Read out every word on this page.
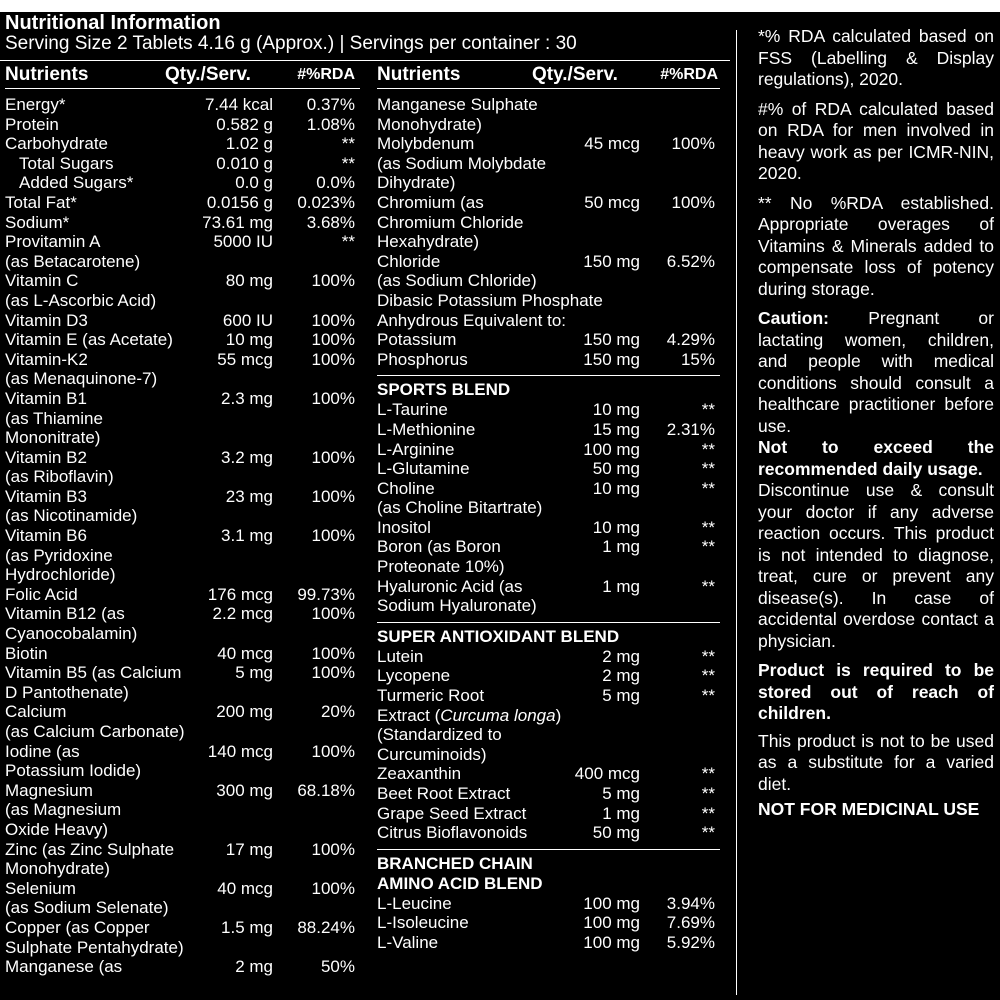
Nutritional Information
Serving Size 2 Tablets 4.16 g (Approx.) | Servings per container : 30
Nutrients	Qty./Serv.	#%RDA
Energy*	7.44 kcal 0.37%
Protein	0.582 g 1.08%
Carbohydrate	1.02 g	**
Total Sugars	0.010 g	**
Added Sugars*	0.0 g	0.0%
Total Fat*	0.0156 g 0.023%
Sodium*	73.61 mg 3.68%
Provitamin A
(as Betacarotene)
5000 IU	**
Vitamin C
(as L-Ascorbic Acid)
80 mg 100%
Vitamin D3	600 IU 100%
Vitamin E (as Acetate)	10 mg 100%
Vitamin-K2
(as Menaquinone-7)
55 mcg 100%
Vitamin B1
(as Thiamine
Mononitrate)
2.3 mg 100%
Vitamin B2
(as Riboflavin)
3.2 mg 100%
Vitamin B3
(as Nicotinamide)
23 mg 100%
Vitamin B6
(as Pyridoxine
Hydrochloride)
3.1 mg 100%
Folic Acid	176 mcg 99.73%
Vitamin B12 (as
Cyanocobalamin)
2.2 mcg 100%
Biotin	40 mcg 100%
Vitamin B5 (as Calcium
D Pantothenate)
5 mg 100%
Calcium
(as Calcium Carbonate)
200 mg	20%
Iodine (as
Potassium Iodide)
140 mcg 100%
Magnesium
(as Magnesium
Oxide Heavy)
300 mg 68.18%
Zinc (as Zinc Sulphate
Monohydrate)
17 mg 100%
Selenium
(as Sodium Selenate)
40 mcg 100%
Copper (as Copper
Sulphate Pentahydrate)
1.5 mg 88.24%
Manganese (as	2 mg	50%
Nutrients	Qty./Serv.	#%RDA
Manganese Sulphate
Monohydrate)
Molybdenum
(as Sodium Molybdate
Dihydrate)
45 mcg 100%
Chromium (as
Chromium Chloride
Hexahydrate)
50 mcg 100%
Chloride
(as Sodium Chloride)
150 mg 6.52%
Dibasic Potassium Phosphate
Anhydrous Equivalent to:
Potassium	150 mg 4.29%
Phosphorus	150 mg 15%
SPORTS BLEND
L-Taurine	10 mg	**
L-Methionine	15 mg 2.31%
L-Arginine	100 mg	**
L-Glutamine	50 mg	**
Choline
(as Choline Bitartrate)
10 mg	**
Inositol	10 mg	**
Boron (as Boron
Proteonate 10%)
1 mg	**
Hyaluronic Acid (as
Sodium Hyaluronate)
1 mg	**
SUPER ANTIOXIDANT BLEND
Lutein	2 mg	**
Lycopene	2 mg	**
Turmeric Root
Extract (Curcuma longa)
(Standardized to
Curcuminoids)
5 mg	**
Zeaxanthin	400 mcg	**
Beet Root Extract	5 mg	**
Grape Seed Extract	1 mg	**
Citrus Bioflavonoids	50 mg	**
BRANCHED CHAIN
AMINO ACID BLEND
L-Leucine	100 mg 3.94%
L-Isoleucine	100 mg 7.69%
L-Valine	100 mg 5.92%

*% RDA calculated based on FSS (Labelling & Display regulations), 2020.

#% of RDA calculated based on RDA for men involved in heavy work as per ICMR-NIN, 2020.

** No %RDA established. Appropriate overages of Vitamins & Minerals added to compensate loss of potency during storage.

Caution: Pregnant or lactating women, children, and people with medical conditions should consult a healthcare practitioner before use.

Not to exceed the recommended daily usage.

Discontinue use & consult your doctor if any adverse reaction occurs. This product is not intended to diagnose, treat, cure or prevent any disease(s). In case of accidental overdose contact a physician.

Product is required to be stored out of reach of children.

This product is not to be used as a substitute for a varied diet.

NOT FOR MEDICINAL USE
